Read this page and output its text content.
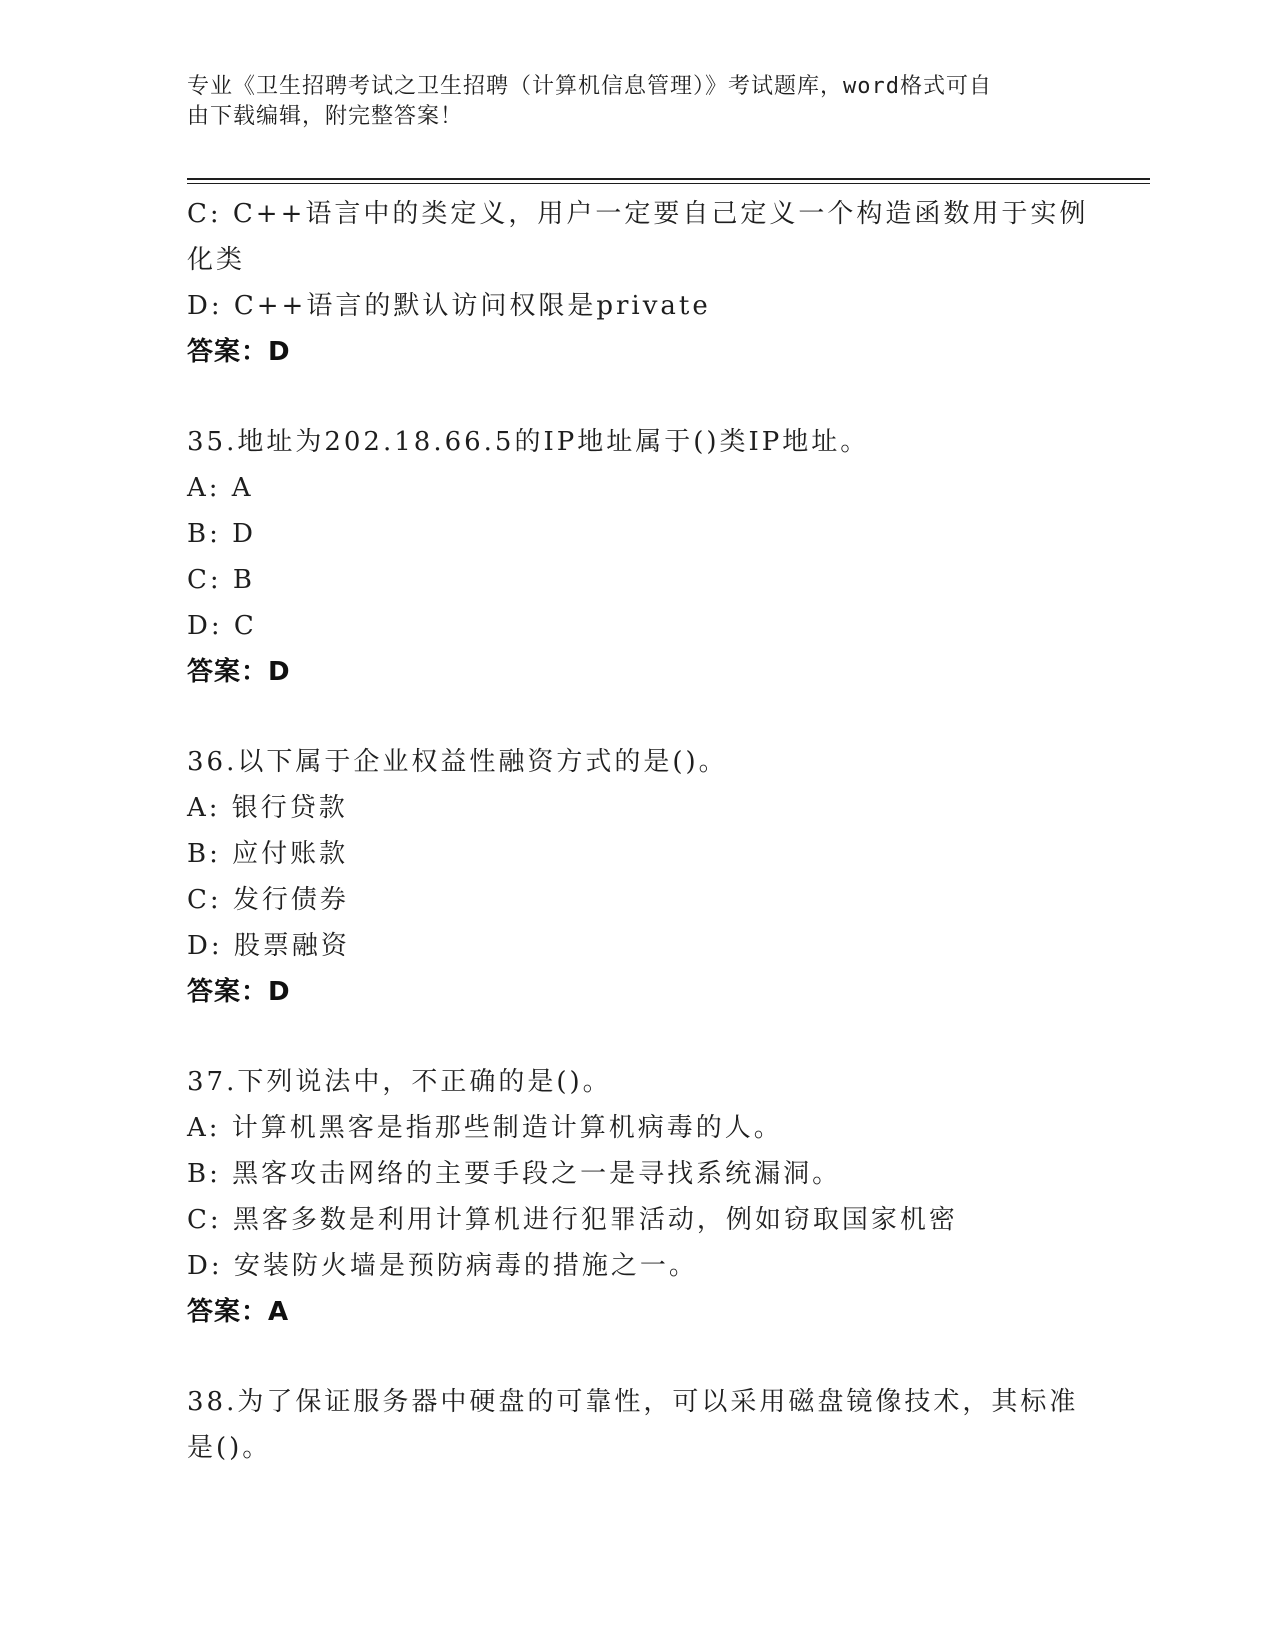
专业《卫生招聘考试之卫生招聘（计算机信息管理）》考试题库，word格式可自
由下载编辑，附完整答案！
C: C++语言中的类定义，用户一定要自己定义一个构造函数用于实例
化类
D: C++语言的默认访问权限是private
答案：D
35.地址为202.18.66.5的IP地址属于()类IP地址。
A: A
B: D
C: B
D: C
答案：D
36.以下属于企业权益性融资方式的是()。
A: 银行贷款
B: 应付账款
C: 发行债券
D: 股票融资
答案：D
37.下列说法中，不正确的是()。
A: 计算机黑客是指那些制造计算机病毒的人。
B: 黑客攻击网络的主要手段之一是寻找系统漏洞。
C: 黑客多数是利用计算机进行犯罪活动，例如窃取国家机密
D: 安装防火墙是预防病毒的措施之一。
答案：A
38.为了保证服务器中硬盘的可靠性，可以采用磁盘镜像技术，其标准
是()。
